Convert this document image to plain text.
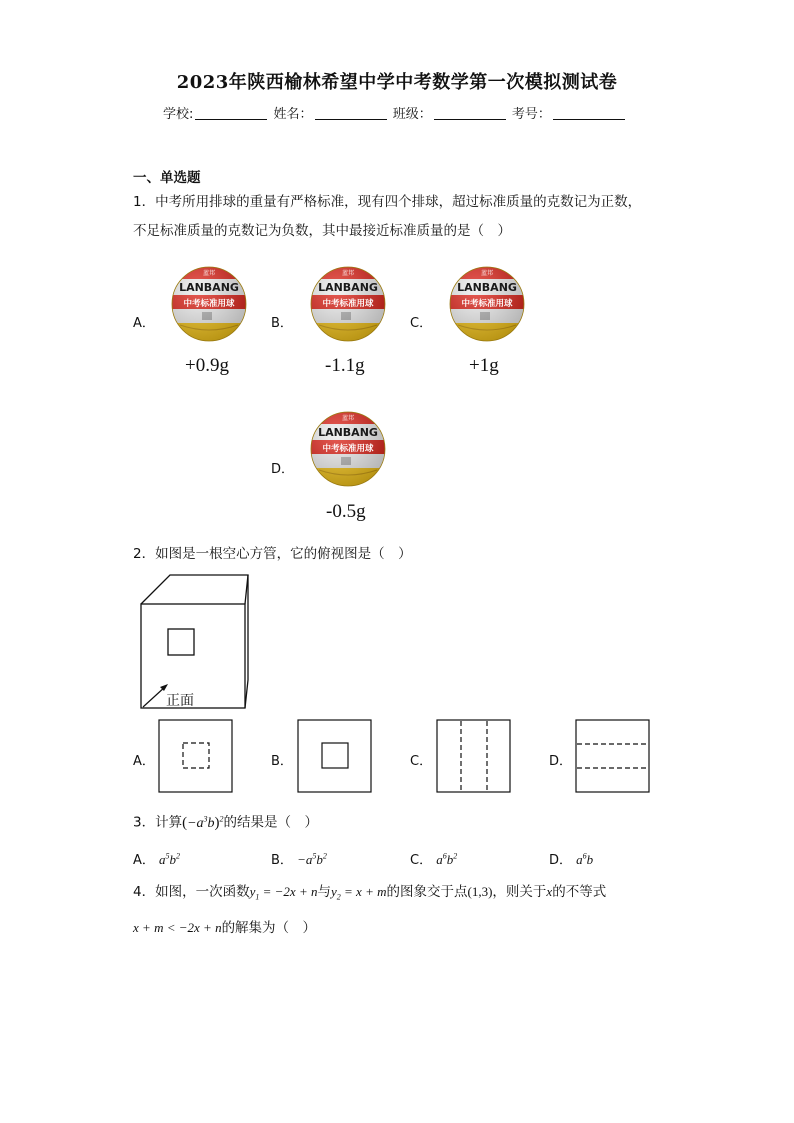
2023年陕西榆林希望中学中考数学第一次模拟测试卷
学校:	姓名：	班级：	考号：
一、单选题
1．中考所用排球的重量有严格标准，现有四个排球，超过标准质量的克数记为正数，
不足标准质量的克数记为负数，其中最接近标准质量的是（　）
A．	B．	C．
D．
LANBANG
蓝邦
中考标准用球
LANBANG
蓝邦
中考标准用球
LANBANG
蓝邦
中考标准用球
LANBANG
蓝邦
中考标准用球
+0.9g	-1.1g	+1g
-0.5g
2．如图是一根空心方管，它的俯视图是（　）
正面
A．	B．	C．	D．
3．计算$(-a^3b)^2$的结果是（　）
A． $a^5b^2$	B． $-a^5b^2$	C． $a^6b^2$	D． $a^6b$
4．如图，一次函数$y_1 = -2x + n$与$y_2 = x + m$的图象交于点(1,3)，则关于x的不等式
x + m < −2x + n的解集为（　）
